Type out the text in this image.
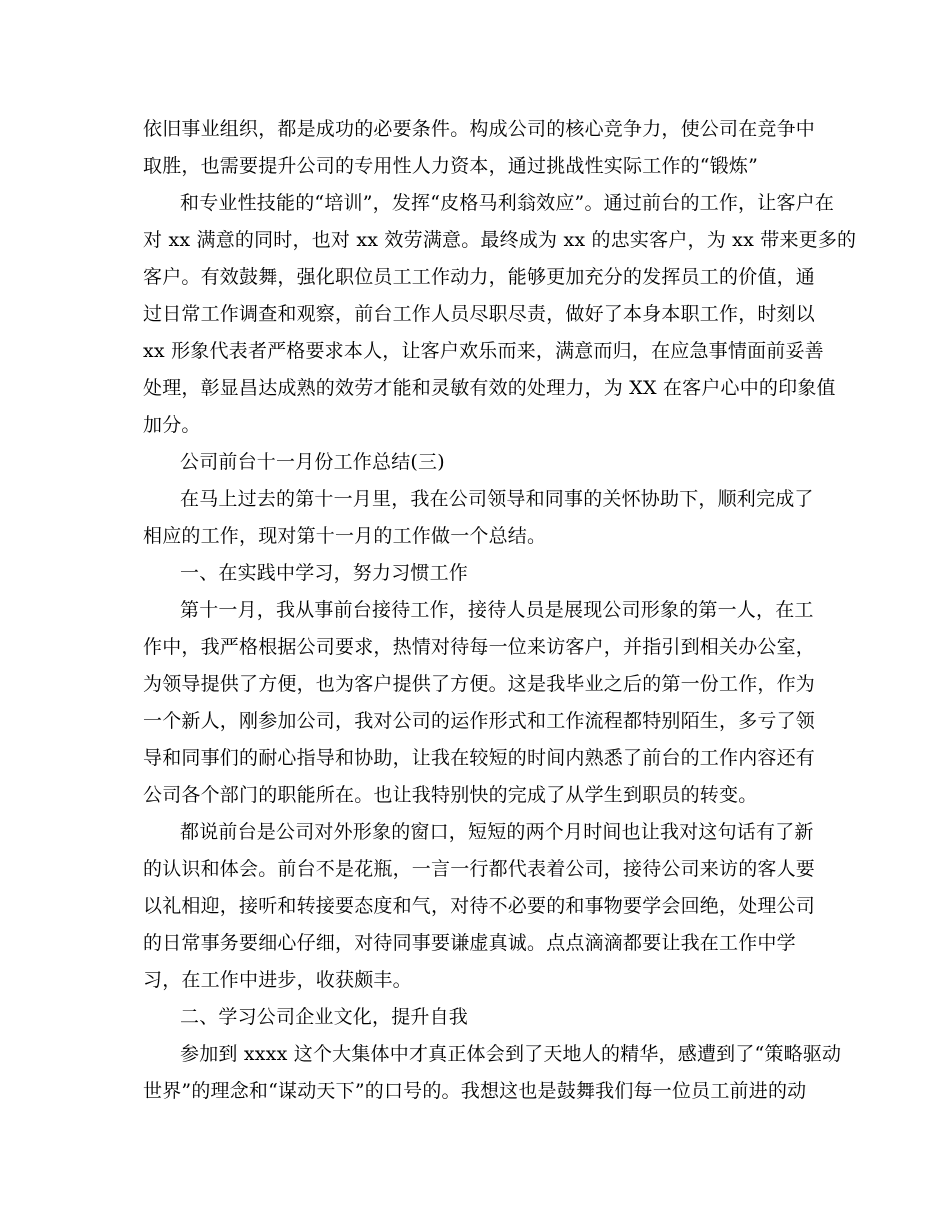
依旧事业组织，都是成功的必要条件。构成公司的核心竞争力，使公司在竞争中
取胜，也需要提升公司的专用性人力资本，通过挑战性实际工作的“锻炼”
和专业性技能的“培训”，发挥“皮格马利翁效应”。通过前台的工作，让客户在
对 xx 满意的同时，也对 xx 效劳满意。最终成为 xx 的忠实客户，为 xx 带来更多的
客户。有效鼓舞，强化职位员工工作动力，能够更加充分的发挥员工的价值，通
过日常工作调查和观察，前台工作人员尽职尽责，做好了本身本职工作，时刻以
xx 形象代表者严格要求本人，让客户欢乐而来，满意而归，在应急事情面前妥善
处理，彰显昌达成熟的效劳才能和灵敏有效的处理力，为 XX 在客户心中的印象值
加分。
公司前台十一月份工作总结(三)
在马上过去的第十一月里，我在公司领导和同事的关怀协助下，顺利完成了
相应的工作，现对第十一月的工作做一个总结。
一、在实践中学习，努力习惯工作
第十一月，我从事前台接待工作，接待人员是展现公司形象的第一人，在工
作中，我严格根据公司要求，热情对待每一位来访客户，并指引到相关办公室，
为领导提供了方便，也为客户提供了方便。这是我毕业之后的第一份工作，作为
一个新人，刚参加公司，我对公司的运作形式和工作流程都特别陌生，多亏了领
导和同事们的耐心指导和协助，让我在较短的时间内熟悉了前台的工作内容还有
公司各个部门的职能所在。也让我特别快的完成了从学生到职员的转变。
都说前台是公司对外形象的窗口，短短的两个月时间也让我对这句话有了新
的认识和体会。前台不是花瓶，一言一行都代表着公司，接待公司来访的客人要
以礼相迎，接听和转接要态度和气，对待不必要的和事物要学会回绝，处理公司
的日常事务要细心仔细，对待同事要谦虚真诚。点点滴滴都要让我在工作中学
习，在工作中进步，收获颇丰。
二、学习公司企业文化，提升自我
参加到 xxxx 这个大集体中才真正体会到了天地人的精华，感遭到了“策略驱动
世界”的理念和“谋动天下”的口号的。我想这也是鼓舞我们每一位员工前进的动
